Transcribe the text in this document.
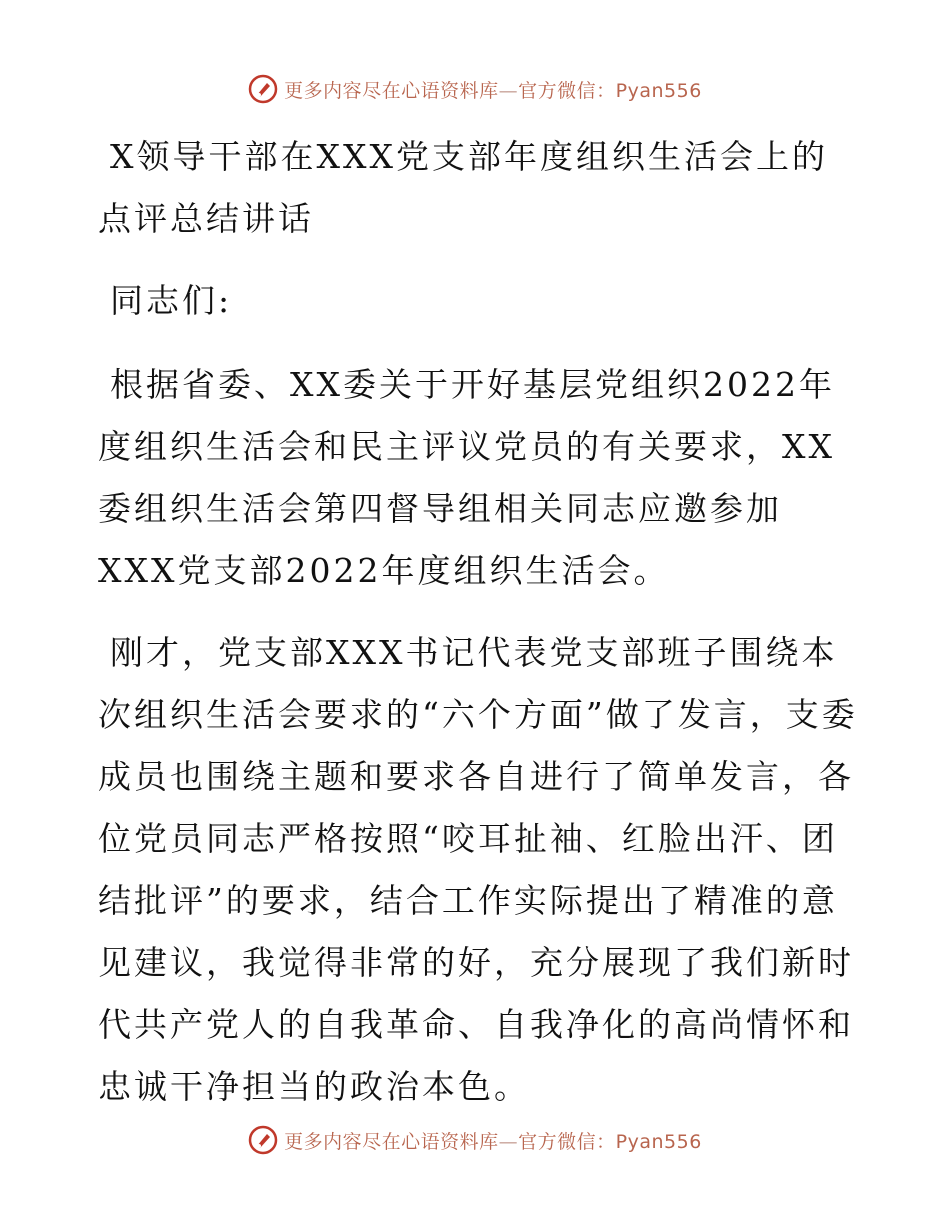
更多内容尽在心语资料库—官方微信：Pyan556
X领导干部在XXX党支部年度组织生活会上的点评总结讲话

同志们:

根据省委、XX委关于开好基层党组织2022年度组织生活会和民主评议党员的有关要求，XX委组织生活会第四督导组相关同志应邀参加XXX党支部2022年度组织生活会。

刚才，党支部XXX书记代表党支部班子围绕本次组织生活会要求的“六个方面”做了发言，支委成员也围绕主题和要求各自进行了简单发言，各位党员同志严格按照“咬耳扯袖、红脸出汗、团结批评”的要求，结合工作实际提出了精准的意见建议，我觉得非常的好，充分展现了我们新时代共产党人的自我革命、自我净化的高尚情怀和忠诚干净担当的政治本色。

更多内容尽在心语资料库—官方微信：Pyan556
